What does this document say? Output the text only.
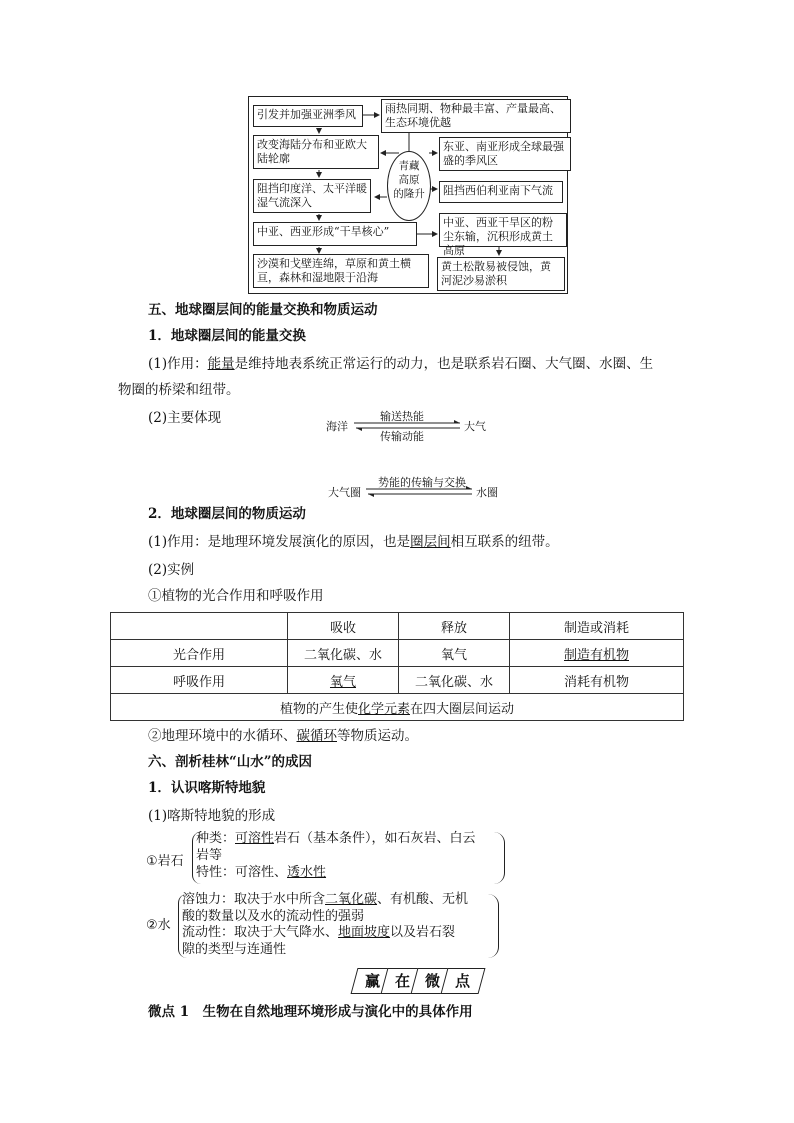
引发并加强亚洲季风
改变海陆分布和亚欧大陆轮廓
阻挡印度洋、太平洋暖湿气流深入
中亚、西亚形成“干旱核心”
沙漠和戈壁连绵，草原和黄土横亘，森林和湿地限于沿海
青藏
高原
的隆升
雨热同期、物种最丰富、产量最高、生态环境优越
东亚、南亚形成全球最强盛的季风区
阻挡西伯利亚南下气流
中亚、西亚干旱区的粉尘东输，沉积形成黄土高原
黄土松散易被侵蚀，黄河泥沙易淤积
五、地球圈层间的能量交换和物质运动
1．地球圈层间的能量交换
(1)作用：能量是维持地表系统正常运行的动力，也是联系岩石圈、大气圈、水圈、生
物圈的桥梁和纽带。
(2)主要体现
海洋
输送热能
传输动能
大气
大气圈
势能的传输与交换
水圈
2．地球圈层间的物质运动
(1)作用：是地理环境发展演化的原因，也是圈层间相互联系的纽带。
(2)实例
①植物的光合作用和呼吸作用
	吸收	释放	制造或消耗
光合作用	二氧化碳、水	氧气	制造有机物
呼吸作用	氧气	二氧化碳、水	消耗有机物
植物的产生使化学元素在四大圈层间运动			
②地理环境中的水循环、碳循环等物质运动。
六、剖析桂林“山水”的成因
1．认识喀斯特地貌
(1)喀斯特地貌的形成
①岩石
种类：可溶性岩石（基本条件），如石灰岩、白云
岩等
特性：可溶性、透水性
②水
溶蚀力：取决于水中所含二氧化碳、有机酸、无机
酸的数量以及水的流动性的强弱
流动性：取决于大气降水、地面坡度以及岩石裂
隙的类型与连通性
赢 在 微 点
微点 1　生物在自然地理环境形成与演化中的具体作用
